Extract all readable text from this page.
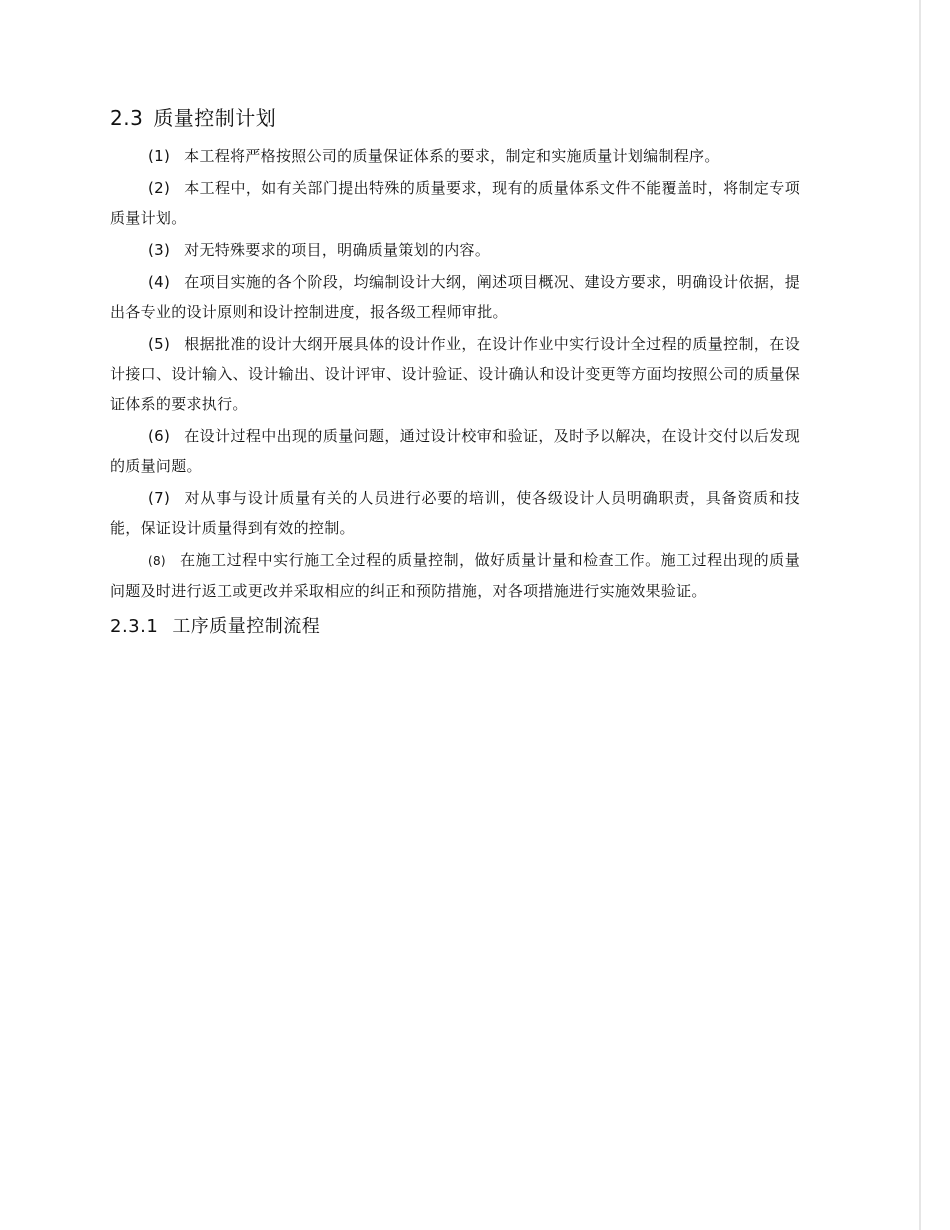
2.3 质量控制计划

(1) 本工程将严格按照公司的质量保证体系的要求，制定和实施质量计划编制程序。

(2) 本工程中，如有关部门提出特殊的质量要求，现有的质量体系文件不能覆盖时，将制定专项质量计划。

(3) 对无特殊要求的项目，明确质量策划的内容。

(4) 在项目实施的各个阶段，均编制设计大纲，阐述项目概况、建设方要求，明确设计依据，提出各专业的设计原则和设计控制进度，报各级工程师审批。

(5) 根据批准的设计大纲开展具体的设计作业，在设计作业中实行设计全过程的质量控制，在设计接口、设计输入、设计输出、设计评审、设计验证、设计确认和设计变更等方面均按照公司的质量保证体系的要求执行。

(6) 在设计过程中出现的质量问题，通过设计校审和验证，及时予以解决，在设计交付以后发现的质量问题。

(7) 对从事与设计质量有关的人员进行必要的培训，使各级设计人员明确职责，具备资质和技能，保证设计质量得到有效的控制。

(8) 在施工过程中实行施工全过程的质量控制，做好质量计量和检查工作。施工过程出现的质量问题及时进行返工或更改并采取相应的纠正和预防措施，对各项措施进行实施效果验证。

2.3.1 工序质量控制流程
